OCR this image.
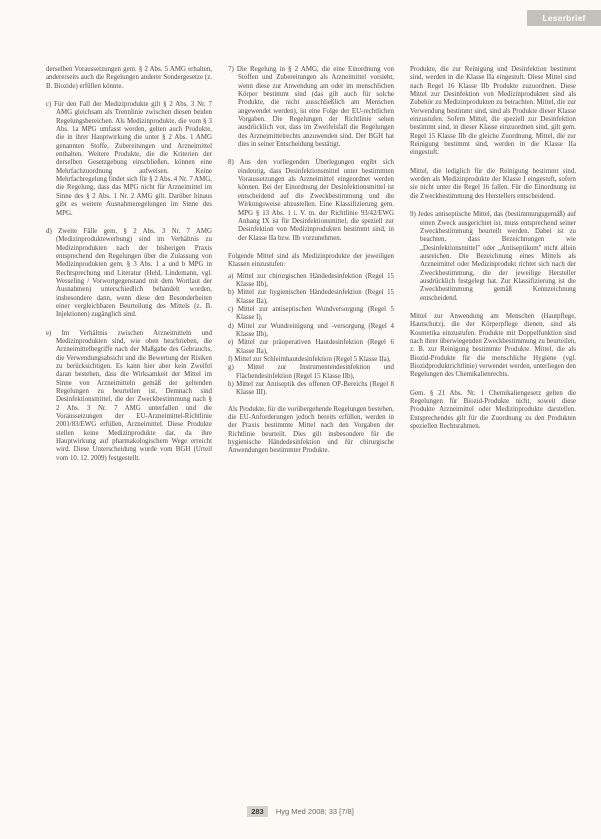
Leserbrief

derselben Voraussetzungen gem. § 2 Abs. 5 AMG erhalten, andererseits auch die Regelungen anderer Sondergesetze (z. B. Biozide) erfüllen könnte.

c) Für den Fall der Mediziprodukte gilt § 2 Abs. 3 Nr. 7 AMG gleichsam als Trennlinie zwischen diesen beiden Regelungsbereichen. Als Medizinprodukte, die vom § 3 Abs. 1a MPG umfasst werden, gelten auch Produkte, die in ihrer Hauptwirkung die unter § 2 Abs. 1 AMG genannten Stoffe, Zubereitungen und Arzneimittel enthalten. Weitere Produkte, die die Kriterien der derselben Gesetzgebung einschließen, können eine Mehrfachzuordnung aufweisen. Keine Mehrfachregelung findet sich für § 2 Abs. 4 Nr. 7 AMG, die Regelung, dass das MPG nicht für Arzneimittel im Sinne des § 2 Abs. 1 Nr. 2 AMG gilt. Darüber hinaus gibt es weitere Ausnahmeregelungen im Sinne des MPG.

d) Zweite Fälle gem. § 2 Abs. 3 Nr. 7 AMG (Medizinproduktewerbung) sind im Verhältnis zu Medizinprodukten nach der bisherigen Praxis entsprechend den Regelungen über die Zulassung von Medizinprodukten gem. § 3 Abs. 1 a und b MPG in Rechtsprechung und Literatur (Held, Lindemann, vgl. Wesseling / Vorwortgegenstand mit dem Wortlaut der Ausnahmen) unterschiedlich behandelt worden, insbesondere dann, wenn diese den Besonderheiten einer vergleichbaren Beurteilung des Mittels (z. B. Injektionen) zugänglich sind.

e) Im Verhältnis zwischen Arzneimitteln und Medizinprodukten sind, wie oben beschrieben, die Arzneimittelbegriffe nach der Maßgabe des Gebrauchs, die Verwendungsabsicht und die Bewertung der Risiken zu berücksichtigen. Es kann hier aber kein Zweifel daran bestehen, dass die Wirksamkeit der Mittel im Sinne von Arzneimitteln gemäß der geltenden Regelungen zu beurteilen ist. Demnach sind Desinfektionsmittel, die der Zweckbestimmung nach § 2 Abs. 3 Nr. 7 AMG unterfallen und die Voraussetzungen der EU-Arzneimittel-Richtlinie 2001/83/EWG erfüllen, Arzneimittel. Diese Produkte stellen keine Medizinprodukte dar, da ihre Hauptwirkung auf pharmakologischem Wege erreicht wird. Diese Unterscheidung wurde vom BGH (Urteil vom 10. 12. 2009) festgestellt.

7) Die Regelung in § 2 AMG, die eine Einordnung von Stoffen und Zubereitungen als Arzneimittel vorsieht, wenn diese zur Anwendung am oder im menschlichen Körper bestimmt sind (das gilt auch für solche Produkte, die nicht ausschließlich am Menschen angewendet werden), ist eine Folge der EU-rechtlichen Vorgaben. Die Regelungen der Richtlinie sehen ausdrücklich vor, dass im Zweifelsfall die Regelungen des Arzneimittelrechts anzuwenden sind. Der BGH hat dies in seiner Entscheidung bestätigt.

8) Aus den vorliegenden Überlegungen ergibt sich eindeutig, dass Desinfektionsmittel unter bestimmten Voraussetzungen als Arzneimittel eingeordnet werden können. Bei der Einordnung der Desinfektionsmittel ist entscheidend auf die Zweckbestimmung und die Wirkungsweise abzustellen. Eine Klassifizierung gem. MPG § 13 Abs. 1 i. V. m. der Richtlinie 93/42/EWG Anhang IX ist für Desinfektionsmittel, die speziell zur Desinfektion von Medizinprodukten bestimmt sind, in der Klasse IIa bzw. IIb vorzunehmen.

Folgende Mittel sind als Medizinprodukte der jeweiligen Klassen einzustufen:

a) Mittel zur chirurgischen Händedesinfektion (Regel 15 Klasse IIb),

b) Mittel zur hygienischen Händedesinfektion (Regel 15 Klasse IIa),

c) Mittel zur antiseptischen Wundversorgung (Regel 5 Klasse I),

d) Mittel zur Wundreinigung und -versorgung (Regel 4 Klasse IIb),

e) Mittel zur präoperativen Hautdesinfektion (Regel 6 Klasse IIa),

f) Mittel zur Schleimhautdesinfektion (Regel 5 Klasse IIa),

g) Mittel zur Instrumentendesinfektion und Flächendesinfektion (Regel 15 Klasse IIb),

h) Mittel zur Antiseptik des offenen OP-Bereichs (Regel 8 Klasse III).

Als Produkte, für die vorübergehende Regelungen bestehen, die EU-Anforderungen jedoch bereits erfüllen, werden in der Praxis bestimmte Mittel nach den Vorgaben der Richtlinie beurteilt. Dies gilt insbesondere für die hygienische Händedesinfektion und für chirurgische Anwendungen bestimmter Produkte.

Produkte, die zur Reinigung und Desinfektion bestimmt sind, werden in die Klasse IIa eingestuft. Diese Mittel sind nach Regel 16 Klasse IIb Produkte zuzuordnen. Diese Mittel zur Desinfektion von Medizinprodukten sind als Zubehör zu Medizinprodukten zu betrachten. Mittel, die zur Verwendung bestimmt sind, sind als Produkte dieser Klasse einzustufen. Sofern Mittel, die speziell zur Desinfektion bestimmt sind, in dieser Klasse einzuordnen sind, gilt gem. Regel 15 Klasse IIb die gleiche Zuordnung. Mittel, die zur Reinigung bestimmt sind, werden in die Klasse IIa eingestuft.

Mittel, die lediglich für die Reinigung bestimmt sind, werden als Medizinprodukte der Klasse I eingestuft, sofern sie nicht unter die Regel 16 fallen. Für die Einordnung ist die Zweckbestimmung des Herstellers entscheidend.

9) Jedes antiseptische Mittel, das (bestimmungsgemäß) auf einen Zweck ausgerichtet ist, muss entsprechend seiner Zweckbestimmung beurteilt werden. Dabei ist zu beachten, dass Bezeichnungen wie „Desinfektionsmittel" oder „Antiseptikum" nicht allein ausreichen. Die Bezeichnung eines Mittels als Arzneimittel oder Medizinprodukt richtet sich nach der Zweckbestimmung, die der jeweilige Hersteller ausdrücklich festgelegt hat. Zur Klassifizierung ist die Zweckbestimmung gemäß Kennzeichnung entscheidend.

Mittel zur Anwendung am Menschen (Hautpflege, Hautschutz), die der Körperpflege dienen, sind als Kosmetika einzustufen. Produkte mit Doppelfunktion sind nach ihrer überwiegenden Zweckbestimmung zu beurteilen, z. B. zur Reinigung bestimmte Produkte. Mittel, die als Biozid-Produkte für die menschliche Hygiene (vgl. Biozidproduktrichtlinie) verwendet werden, unterliegen den Regelungen des Chemikalienrechts.

Gem. § 21 Abs. Nr. 1 Chemikaliengesetz gelten die Regelungen für Biozid-Produkte nicht, soweit diese Produkte Arzneimittel oder Medizinprodukte darstellen. Entsprechendes gilt für die Zuordnung zu den Produkten speziellen Rechtsrahmen.

283 Hyg Med 2008; 33 [7/8]
